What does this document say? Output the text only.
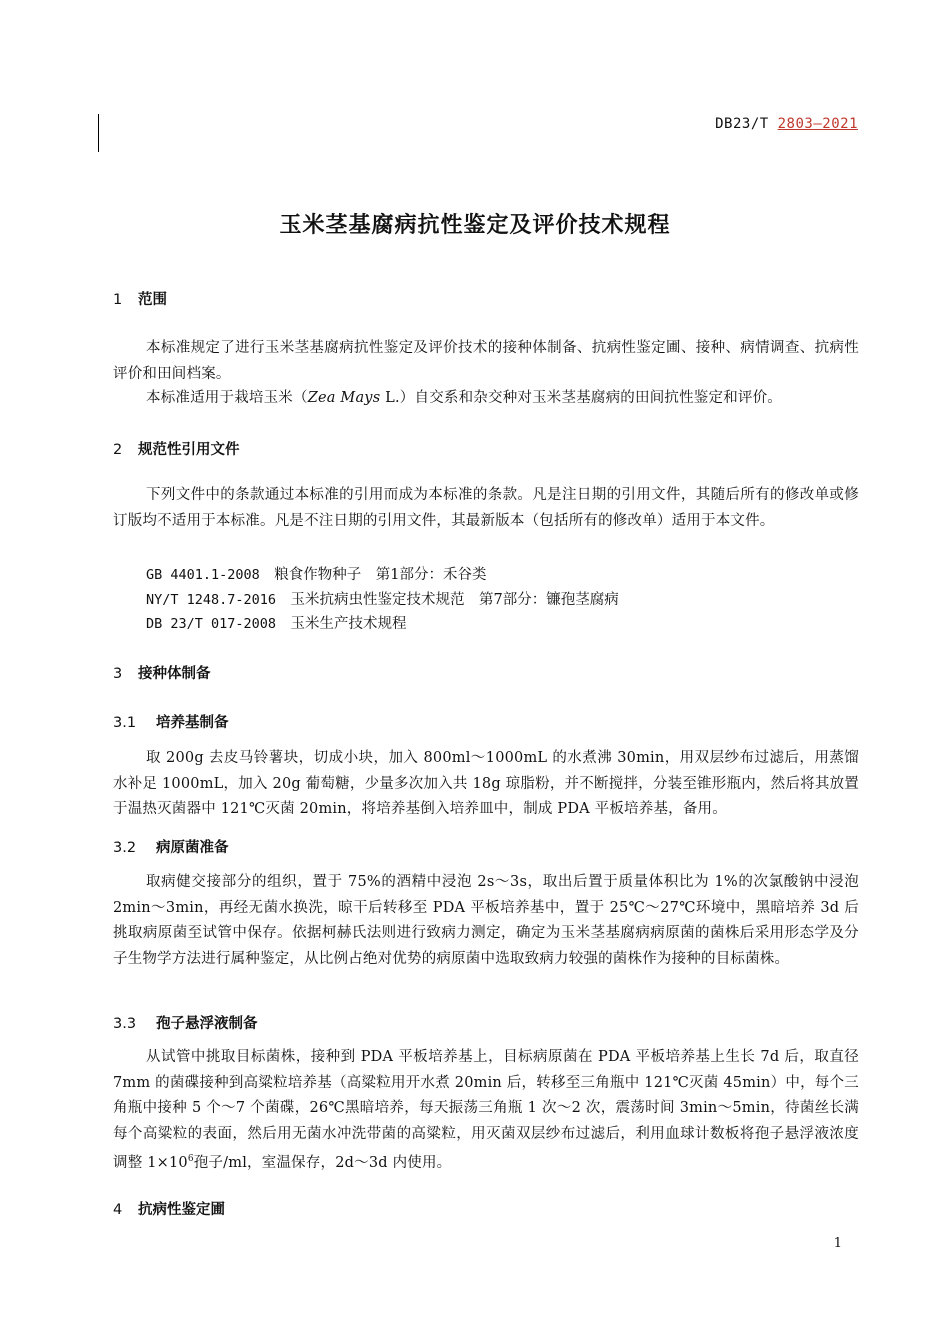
DB23/T 2803—2021
玉米茎基腐病抗性鉴定及评价技术规程
1 范围
本标准规定了进行玉米茎基腐病抗性鉴定及评价技术的接种体制备、抗病性鉴定圃、接种、病情调查、抗病性评价和田间档案。
本标准适用于栽培玉米（Zea Mays L.）自交系和杂交种对玉米茎基腐病的田间抗性鉴定和评价。
2 规范性引用文件
下列文件中的条款通过本标准的引用而成为本标准的条款。凡是注日期的引用文件，其随后所有的修改单或修订版均不适用于本标准。凡是不注日期的引用文件，其最新版本（包括所有的修改单）适用于本文件。
GB 4401.1-2008　 粮食作物种子　第1部分：禾谷类
NY/T 1248.7-2016　 玉米抗病虫性鉴定技术规范　第7部分：镰孢茎腐病
DB 23/T 017-2008　 玉米生产技术规程
3 接种体制备
3.1 培养基制备
取 200g 去皮马铃薯块，切成小块，加入 800ml～1000mL 的水煮沸 30min，用双层纱布过滤后，用蒸馏水补足 1000mL，加入 20g 葡萄糖，少量多次加入共 18g 琼脂粉，并不断搅拌，分装至锥形瓶内，然后将其放置于温热灭菌器中 121℃灭菌 20min，将培养基倒入培养皿中，制成 PDA 平板培养基，备用。
3.2 病原菌准备
取病健交接部分的组织，置于 75%的酒精中浸泡 2s～3s，取出后置于质量体积比为 1%的次氯酸钠中浸泡 2min～3min，再经无菌水换洗，晾干后转移至 PDA 平板培养基中，置于 25℃～27℃环境中，黑暗培养 3d 后挑取病原菌至试管中保存。依据柯赫氏法则进行致病力测定，确定为玉米茎基腐病病原菌的菌株后采用形态学及分子生物学方法进行属种鉴定，从比例占绝对优势的病原菌中选取致病力较强的菌株作为接种的目标菌株。
3.3 孢子悬浮液制备
从试管中挑取目标菌株，接种到 PDA 平板培养基上，目标病原菌在 PDA 平板培养基上生长 7d 后，取直径 7mm 的菌碟接种到高粱粒培养基（高粱粒用开水煮 20min 后，转移至三角瓶中 121℃灭菌 45min）中，每个三角瓶中接种 5 个～7 个菌碟，26℃黑暗培养，每天振荡三角瓶 1 次～2 次，震荡时间 3min～5min，待菌丝长满每个高粱粒的表面，然后用无菌水冲洗带菌的高粱粒，用灭菌双层纱布过滤后，利用血球计数板将孢子悬浮液浓度调整 $1\times 10^6$孢子/ml，室温保存，2d～3d 内使用。
4 抗病性鉴定圃
1
